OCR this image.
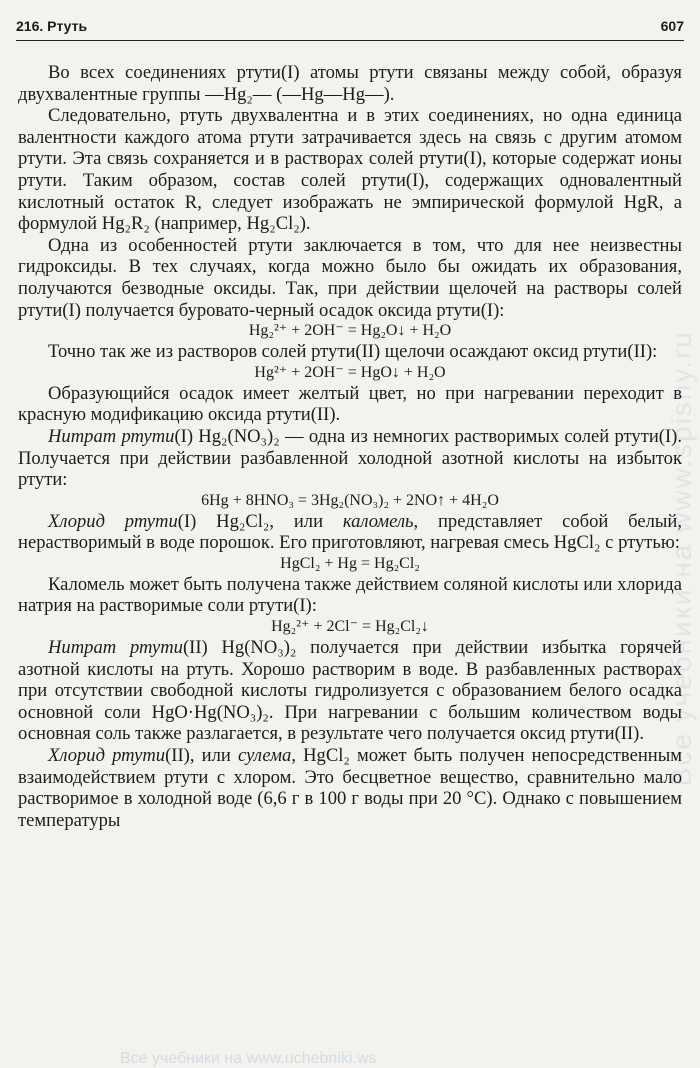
216. Ртуть	607
Все учебники на www.spishy.ru

Во всех соединениях ртути(I) атомы ртути связаны между собой, образуя двухвалентные группы —Hg₂— (—Hg—Hg—).

Следовательно, ртуть двухвалентна и в этих соединениях, но одна единица валентности каждого атома ртути затрачивается здесь на связь с другим атомом ртути. Эта связь сохраняется и в растворах солей ртути(I), которые содержат ионы ртути. Таким образом, состав солей ртути(I), содержащих одновалентный кислотный остаток R, следует изображать не эмпирической формулой HgR, а формулой Hg₂R₂ (например, Hg₂Cl₂).

Одна из особенностей ртути заключается в том, что для нее неизвестны гидроксиды. В тех случаях, когда можно было бы ожидать их образования, получаются безводные оксиды. Так, при действии щелочей на растворы солей ртути(I) получается буровато-черный осадок оксида ртути(I):

Hg₂²⁺ + 2OH⁻ = Hg₂O↓ + H₂O

Точно так же из растворов солей ртути(II) щелочи осаждают оксид ртути(II):

Hg²⁺ + 2OH⁻ = HgO↓ + H₂O

Образующийся осадок имеет желтый цвет, но при нагревании переходит в красную модификацию оксида ртути(II).

Нитрат ртути(I) Hg₂(NO₃)₂ — одна из немногих растворимых солей ртути(I). Получается при действии разбавленной холодной азотной кислоты на избыток ртути:

6Hg + 8HNO₃ = 3Hg₂(NO₃)₂ + 2NO↑ + 4H₂O

Хлорид ртути(I) Hg₂Cl₂, или каломель, представляет собой белый, нерастворимый в воде порошок. Его приготовляют, нагревая смесь HgCl₂ с ртутью:

HgCl₂ + Hg = Hg₂Cl₂

Каломель может быть получена также действием соляной кислоты или хлорида натрия на растворимые соли ртути(I):

Hg₂²⁺ + 2Cl⁻ = Hg₂Cl₂↓

Нитрат ртути(II) Hg(NO₃)₂ получается при действии избытка горячей азотной кислоты на ртуть. Хорошо растворим в воде. В разбавленных растворах при отсутствии свободной кислоты гидролизуется с образованием белого осадка основной соли HgO·Hg(NO₃)₂. При нагревании с большим количеством воды основная соль также разлагается, в результате чего получается оксид ртути(II).

Хлорид ртути(II), или сулема, HgCl₂ может быть получен непосредственным взаимодействием ртути с хлором. Это бесцветное вещество, сравнительно мало растворимое в холодной воде (6,6 г в 100 г воды при 20 °С). Однако с повышением температуры

Все учебники на www.uchebniki.ws
